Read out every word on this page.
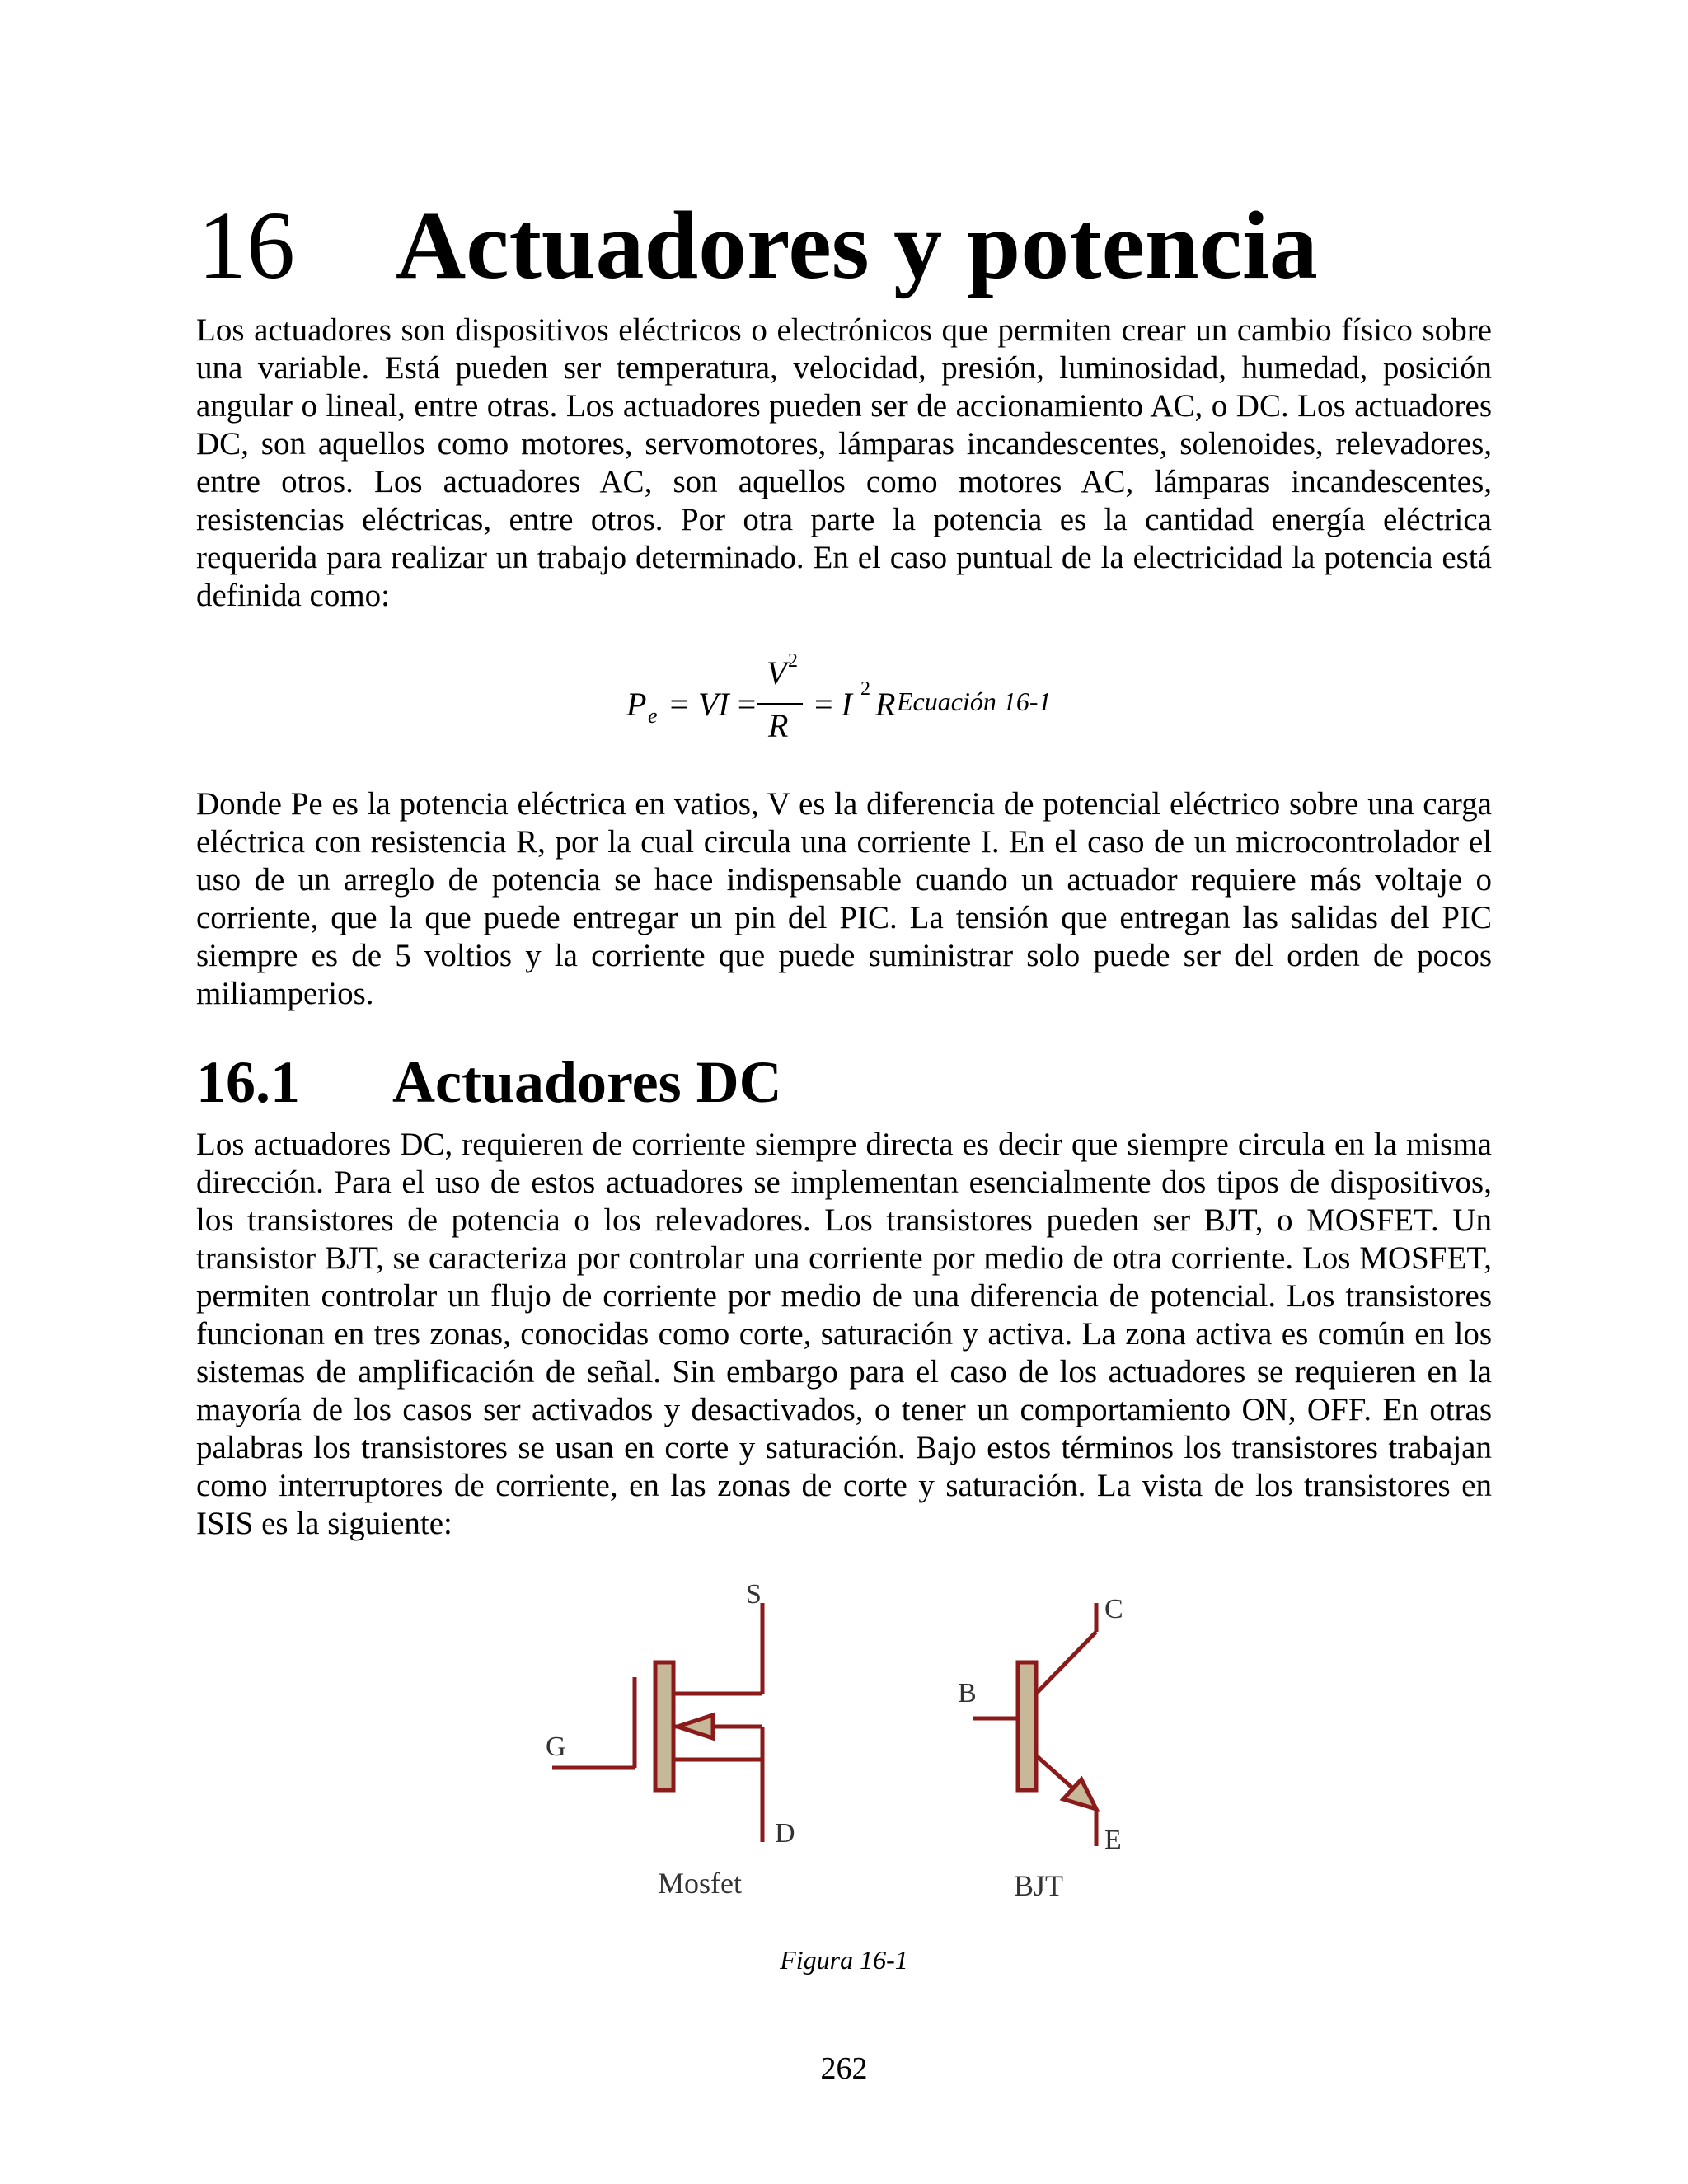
16 Actuadores y potencia

Los actuadores son dispositivos eléctricos o electrónicos que permiten crear un cambio físico sobre una variable. Está pueden ser temperatura, velocidad, presión, luminosidad, humedad, posición angular o lineal, entre otras. Los actuadores pueden ser de accionamiento AC, o DC. Los actuadores DC, son aquellos como motores, servomotores, lámparas incandescentes, solenoides, relevadores, entre otros. Los actuadores AC, son aquellos como motores AC, lámparas incandescentes, resistencias eléctricas, entre otros. Por otra parte la potencia es la cantidad energía eléctrica requerida para realizar un trabajo determinado. En el caso puntual de la electricidad la potencia está definida como:

P e = VI =
V 2
R
= I 2 R Ecuación 16-1

Donde Pe es la potencia eléctrica en vatios, V es la diferencia de potencial eléctrico sobre una carga eléctrica con resistencia R, por la cual circula una corriente I. En el caso de un microcontrolador el uso de un arreglo de potencia se hace indispensable cuando un actuador requiere más voltaje o corriente, que la que puede entregar un pin del PIC. La tensión que entregan las salidas del PIC siempre es de 5 voltios y la corriente que puede suministrar solo puede ser del orden de pocos miliamperios.

16.1 Actuadores DC

Los actuadores DC, requieren de corriente siempre directa es decir que siempre circula en la misma dirección. Para el uso de estos actuadores se implementan esencialmente dos tipos de dispositivos, los transistores de potencia o los relevadores. Los transistores pueden ser BJT, o MOSFET. Un transistor BJT, se caracteriza por controlar una corriente por medio de otra corriente. Los MOSFET, permiten controlar un flujo de corriente por medio de una diferencia de potencial. Los transistores funcionan en tres zonas, conocidas como corte, saturación y activa. La zona activa es común en los sistemas de amplificación de señal. Sin embargo para el caso de los actuadores se requieren en la mayoría de los casos ser activados y desactivados, o tener un comportamiento ON, OFF. En otras palabras los transistores se usan en corte y saturación. Bajo estos términos los transistores trabajan como interruptores de corriente, en las zonas de corte y saturación. La vista de los transistores en ISIS es la siguiente:

S
G
D
Mosfet
C
B
E
BJT
Figura 16-1
262
